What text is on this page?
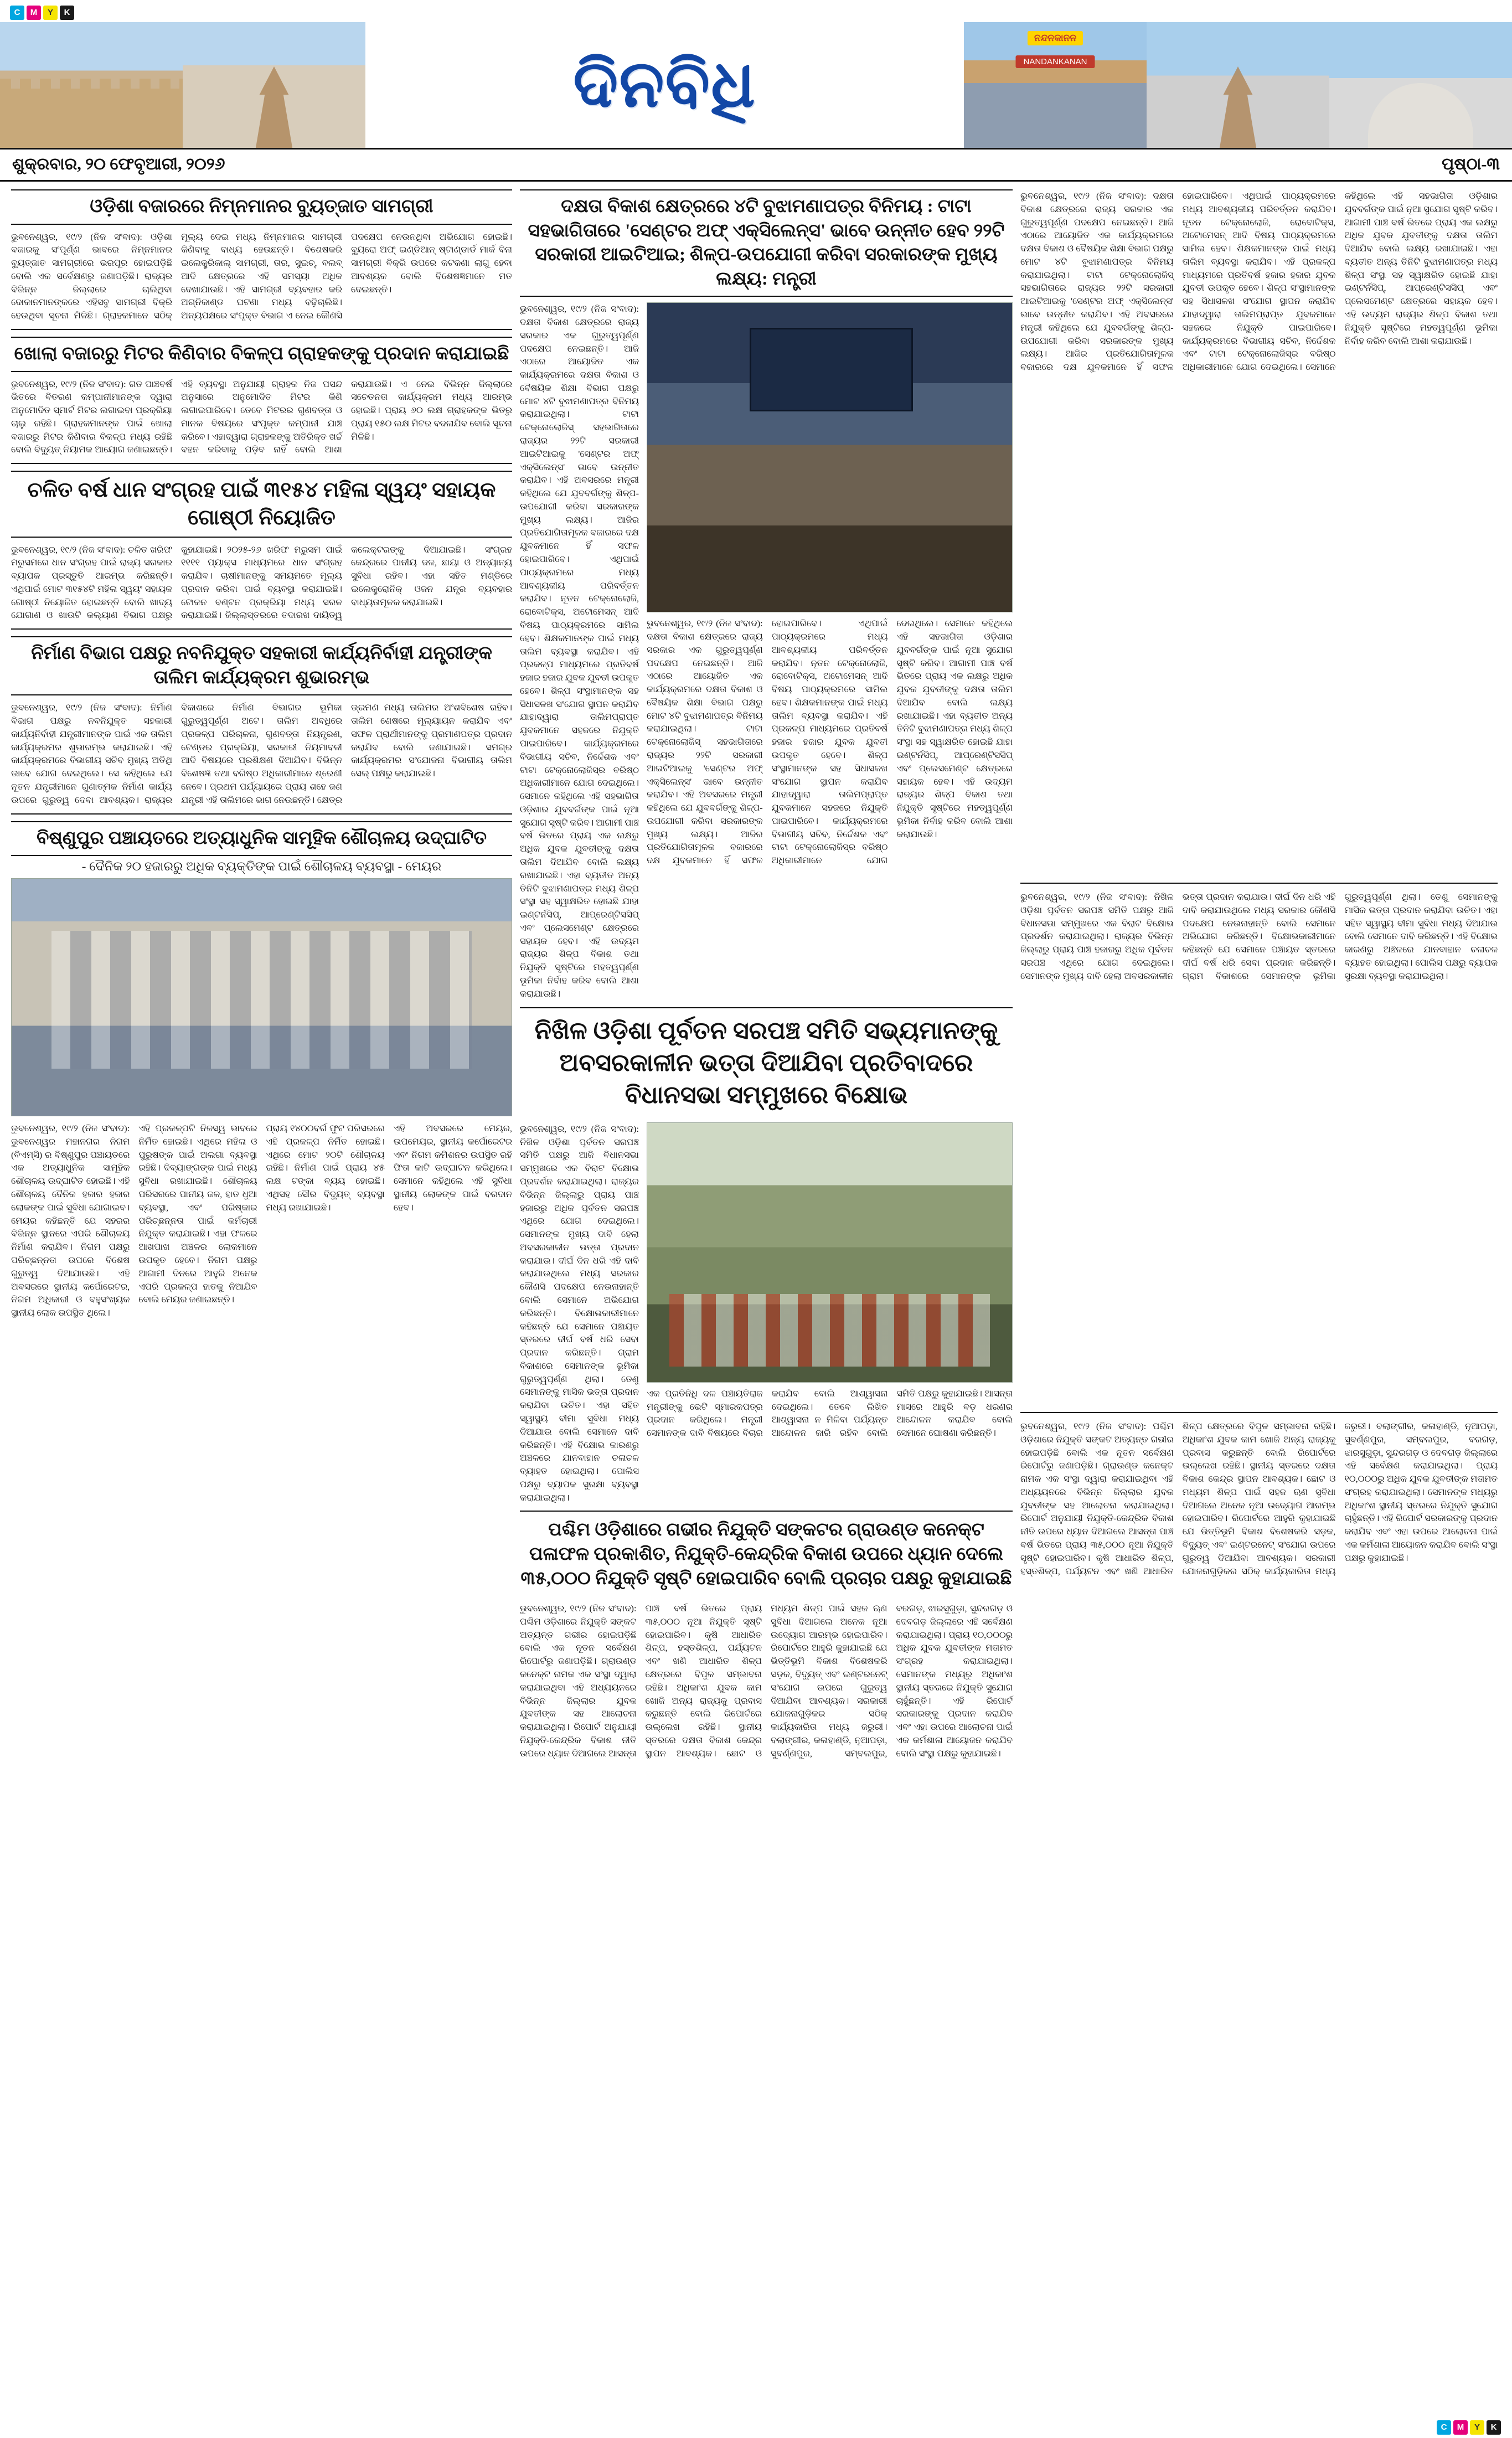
C	M	Y	K
ଦିନବିଧି
ନନ୍ଦନକାନନ
NANDANKANAN
ଶୁକ୍ରବାର, ୨୦ ଫେବୃଆରୀ, ୨୦୨୬	ପୃଷ୍ଠା-୩
ଓଡ଼ିଶା ବଜାରରେ ନିମ୍ନମାନର ବ୍ୟୁତ୍‌ଜାତ ସାମଗ୍ରୀ
ଭୁବନେଶ୍ୱର, ୧୯/୨ (ନିଜ ସଂବାଦ): ଓଡ଼ିଶା ବଜାରକୁ ସଂପୂର୍ଣ୍ଣ ଭାବରେ ନିମ୍ନମାନର ବ୍ୟୁତ୍‌ଜାତ ସାମଗ୍ରୀରେ ଭରପୂର ହୋଇପଡ଼ିଛି ବୋଲି ଏକ ସର୍ବେକ୍ଷଣରୁ ଜଣାପଡ଼ିଛି। ରାଜ୍ୟର ବିଭିନ୍ନ ଜିଲ୍ଲାରେ ଚାଲିଥିବା ଦୋକାନମାନଙ୍କରେ ଏହିସବୁ ସାମଗ୍ରୀ ବିକ୍ରି ହେଉଥିବା ସୂଚନା ମିଳିଛି। ଗ୍ରାହକମାନେ ସଠିକ୍ ମୂଲ୍ୟ ଦେଇ ମଧ୍ୟ ନିମ୍ନମାନର ସାମଗ୍ରୀ କିଣିବାକୁ ବାଧ୍ୟ ହେଉଛନ୍ତି। ବିଶେଷକରି ଇଲେକ୍ଟ୍ରିକାଲ୍ ସାମଗ୍ରୀ, ତାର, ସୁଇଚ୍, ବଲବ୍ ଆଦି କ୍ଷେତ୍ରରେ ଏହି ସମସ୍ୟା ଅଧିକ ଦେଖାଯାଉଛି। ଏହି ସାମଗ୍ରୀ ବ୍ୟବହାର କରି ଅଗ୍ନିକାଣ୍ଡ ଘଟଣା ମଧ୍ୟ ବଢ଼ିଚାଲିଛି। ଅନ୍ୟପକ୍ଷରେ ସଂପୃକ୍ତ ବିଭାଗ ଏ ନେଇ କୌଣସି ପଦକ୍ଷେପ ନେଉନଥିବା ଅଭିଯୋଗ ହୋଇଛି। ବ୍ୟୁରୋ ଅଫ୍ ଇଣ୍ଡିଆନ୍ ଷ୍ଟାଣ୍ଡାର୍ଡ ମାର୍କ ବିନା ସାମଗ୍ରୀ ବିକ୍ରି ଉପରେ କଟକଣା ଲାଗୁ ହେବା ଆବଶ୍ୟକ ବୋଲି ବିଶେଷଜ୍ଞମାନେ ମତ ଦେଇଛନ୍ତି।
ଖୋଲା ବଜାରରୁ ମିଟର କିଣିବାର ବିକଳ୍ପ ଗ୍ରାହକଙ୍କୁ ପ୍ରଦାନ କରାଯାଇଛି
ଭୁବନେଶ୍ୱର, ୧୯/୨ (ନିଜ ସଂବାଦ): ଗତ ପାଞ୍ଚବର୍ଷ ଭିତରେ ବିତରଣ କମ୍ପାନୀମାନଙ୍କ ଦ୍ୱାରା ଅନୁମୋଦିତ ସ୍ମାର୍ଟ ମିଟର ଲଗାଇବା ପ୍ରକ୍ରିୟା ଚାଲୁ ରହିଛି। ଗ୍ରାହକମାନଙ୍କ ପାଇଁ ଖୋଲା ବଜାରରୁ ମିଟର କିଣିବାର ବିକଳ୍ପ ମଧ୍ୟ ରହିଛି ବୋଲି ବିଦ୍ୟୁତ୍ ନିୟାମକ ଆୟୋଗ ଜଣାଇଛନ୍ତି। ଏହି ବ୍ୟବସ୍ଥା ଅନୁଯାୟୀ ଗ୍ରାହକ ନିଜ ପସନ୍ଦ ଅନୁସାରେ ଅନୁମୋଦିତ ମିଟର କିଣି ଲଗାଇପାରିବେ। ତେବେ ମିଟରର ଗୁଣବତ୍ତା ଓ ମାନକ ବିଷୟରେ ସଂପୃକ୍ତ କମ୍ପାନୀ ଯାଞ୍ଚ କରିବେ। ଏହାଦ୍ୱାରା ଗ୍ରାହକଙ୍କୁ ଅତିରିକ୍ତ ଖର୍ଚ୍ଚ ବହନ କରିବାକୁ ପଡ଼ିବ ନାହିଁ ବୋଲି ଆଶା କରାଯାଉଛି। ଏ ନେଇ ବିଭିନ୍ନ ଜିଲ୍ଲାରେ ସଚେତନତା କାର୍ଯ୍ୟକ୍ରମ ମଧ୍ୟ ଆରମ୍ଭ ହୋଇଛି। ପ୍ରାୟ ୬୦ ଲକ୍ଷ ଗ୍ରାହକଙ୍କ ଭିତରୁ ପ୍ରାୟ ୧୫୦ ଲକ୍ଷ ମିଟର ବଦଳାଯିବ ବୋଲି ସୂଚନା ମିଳିଛି।
ଚଳିତ ବର୍ଷ ଧାନ ସଂଗ୍ରହ ପାଇଁ ୩୧୫୪ ମହିଳା ସ୍ୱୟଂ ସହାୟକ ଗୋଷ୍ଠୀ ନିୟୋଜିତ
ଭୁବନେଶ୍ୱର, ୧୯/୨ (ନିଜ ସଂବାଦ): ଚଳିତ ଖରିଫ ମରୁସମରେ ଧାନ ସଂଗ୍ରହ ପାଇଁ ରାଜ୍ୟ ସରକାର ବ୍ୟାପକ ପ୍ରସ୍ତୁତି ଆରମ୍ଭ କରିଛନ୍ତି। ଏଥିପାଇଁ ମୋଟ ୩୧୫୪ଟି ମହିଳା ସ୍ୱୟଂ ସହାୟକ ଗୋଷ୍ଠୀ ନିୟୋଜିତ ହୋଇଛନ୍ତି ବୋଲି ଖାଦ୍ୟ ଯୋଗାଣ ଓ ଖାଉଟି କଲ୍ୟାଣ ବିଭାଗ ପକ୍ଷରୁ କୁହାଯାଇଛି। ୨୦୨୫-୨୬ ଖରିଫ ମରୁସମ ପାଇଁ ୧୧୧୧ ପ୍ୟାକ୍ସ ମାଧ୍ୟମରେ ଧାନ ସଂଗ୍ରହ କରାଯିବ। ଚାଷୀମାନଙ୍କୁ ସମୟମତେ ମୂଲ୍ୟ ପ୍ରଦାନ କରିବା ପାଇଁ ବ୍ୟବସ୍ଥା କରାଯାଇଛି। ଟୋକନ ବଣ୍ଟନ ପ୍ରକ୍ରିୟା ମଧ୍ୟ ସରଳ କରାଯାଇଛି। ଜିଲ୍ଲାସ୍ତରରେ ତଦାରଖ ଦାୟିତ୍ୱ କଲେକ୍ଟରଙ୍କୁ ଦିଆଯାଇଛି। ସଂଗ୍ରହ କେନ୍ଦ୍ରରେ ପାନୀୟ ଜଳ, ଛାୟା ଓ ଅନ୍ୟାନ୍ୟ ସୁବିଧା ରହିବ। ଏହା ସହିତ ମଣ୍ଡିରେ ଇଲେକ୍ଟ୍ରୋନିକ୍ ଓଜନ ଯନ୍ତ୍ର ବ୍ୟବହାର ବାଧ୍ୟତାମୂଳକ କରାଯାଇଛି।
ନିର୍ମାଣ ବିଭାଗ ପକ୍ଷରୁ ନବନିଯୁକ୍ତ ସହକାରୀ କାର୍ଯ୍ୟନିର୍ବାହୀ ଯନ୍ତ୍ରୀଙ୍କ ତାଲିମ କାର୍ଯ୍ୟକ୍ରମ ଶୁଭାରମ୍ଭ
ଭୁବନେଶ୍ୱର, ୧୯/୨ (ନିଜ ସଂବାଦ): ନିର୍ମାଣ ବିଭାଗ ପକ୍ଷରୁ ନବନିଯୁକ୍ତ ସହକାରୀ କାର୍ଯ୍ୟନିର୍ବାହୀ ଯନ୍ତ୍ରୀମାନଙ୍କ ପାଇଁ ଏକ ତାଲିମ କାର୍ଯ୍ୟକ୍ରମର ଶୁଭାରମ୍ଭ କରାଯାଇଛି। ଏହି କାର୍ଯ୍ୟକ୍ରମରେ ବିଭାଗୀୟ ସଚିବ ମୁଖ୍ୟ ଅତିଥି ଭାବେ ଯୋଗ ଦେଇଥିଲେ। ସେ କହିଥିଲେ ଯେ ନୂତନ ଯନ୍ତ୍ରୀମାନେ ଗୁଣାତ୍ମକ ନିର୍ମାଣ କାର୍ଯ୍ୟ ଉପରେ ଗୁରୁତ୍ୱ ଦେବା ଆବଶ୍ୟକ। ରାଜ୍ୟର ବିକାଶରେ ନିର୍ମାଣ ବିଭାଗର ଭୂମିକା ଗୁରୁତ୍ୱପୂର୍ଣ୍ଣ ଅଟେ। ତାଲିମ ଅବଧିରେ ପ୍ରକଳ୍ପ ପରିଚାଳନା, ଗୁଣବତ୍ତା ନିୟନ୍ତ୍ରଣ, ଟେଣ୍ଡର ପ୍ରକ୍ରିୟା, ସରକାରୀ ନିୟମାବଳୀ ଆଦି ବିଷୟରେ ପ୍ରଶିକ୍ଷଣ ଦିଆଯିବ। ବିଭିନ୍ନ ବିଶେଷଜ୍ଞ ତଥା ବରିଷ୍ଠ ଅଧିକାରୀମାନେ ଶ୍ରେଣୀ ନେବେ। ପ୍ରଥମ ପର୍ଯ୍ୟାୟରେ ପ୍ରାୟ ଶହେ ଜଣ ଯନ୍ତ୍ରୀ ଏହି ତାଲିମରେ ଭାଗ ନେଉଛନ୍ତି। କ୍ଷେତ୍ର ଭ୍ରମଣ ମଧ୍ୟ ତାଲିମର ଅଂଶବିଶେଷ ରହିବ। ତାଲିମ ଶେଷରେ ମୂଲ୍ୟାୟନ କରାଯିବ ଏବଂ ସଫଳ ପ୍ରାର୍ଥୀମାନଙ୍କୁ ପ୍ରମାଣପତ୍ର ପ୍ରଦାନ କରାଯିବ ବୋଲି ଜଣାଯାଇଛି। ସମଗ୍ର କାର୍ଯ୍ୟକ୍ରମର ସଂଯୋଜନା ବିଭାଗୀୟ ତାଲିମ ସେଲ୍ ପକ୍ଷରୁ କରାଯାଇଛି।
ବିଷ୍ଣୁପୁର ପଞ୍ଚାୟତରେ ଅତ୍ୟାଧୁନିକ ସାମୂହିକ ଶୌଚାଳୟ ଉଦ୍‌ଘାଟିତ
- ଦୈନିକ ୨୦ ହଜାରରୁ ଅଧିକ ବ୍ୟକ୍ତିଙ୍କ ପାଇଁ ଶୌଚାଳୟ ବ୍ୟବସ୍ଥା - ମେୟର
ଭୁବନେଶ୍ୱର, ୧୯/୨ (ନିଜ ସଂବାଦ): ଭୁବନେଶ୍ୱର ମହାନଗର ନିଗମ (ବିଏମ୍‌ସି) ର ବିଷ୍ଣୁପୁର ପଞ୍ଚାୟତରେ ଏକ ଅତ୍ୟାଧୁନିକ ସାମୂହିକ ଶୌଚାଳୟ ଉଦ୍‌ଘାଟିତ ହୋଇଛି। ଏହି ଶୌଚାଳୟ ଦୈନିକ ହଜାର ହଜାର ଲୋକଙ୍କ ପାଇଁ ସୁବିଧା ଯୋଗାଇବ। ମେୟର କହିଛନ୍ତି ଯେ ସହରର ବିଭିନ୍ନ ସ୍ଥାନରେ ଏପରି ଶୌଚାଳୟ ନିର୍ମାଣ କରାଯିବ। ନିଗମ ପକ୍ଷରୁ ପରିଚ୍ଛନ୍ନତା ଉପରେ ବିଶେଷ ଗୁରୁତ୍ୱ ଦିଆଯାଉଛି। ଏହି ଅବସରରେ ସ୍ଥାନୀୟ କର୍ପୋରେଟର, ନିଗମ ଅଧିକାରୀ ଓ ବହୁସଂଖ୍ୟକ ସ୍ଥାନୀୟ ଲୋକ ଉପସ୍ଥିତ ଥିଲେ।
ଏହି ପ୍ରକଳ୍ପଟି ନିଜସ୍ୱ ଭାବରେ ନିର୍ମିତ ହୋଇଛି। ଏଥିରେ ମହିଳା ଓ ପୁରୁଷଙ୍କ ପାଇଁ ଅଲଗା ବ୍ୟବସ୍ଥା ରହିଛି। ଦିବ୍ୟାଙ୍ଗଙ୍କ ପାଇଁ ମଧ୍ୟ ସୁବିଧା ରଖାଯାଇଛି। ଶୌଚାଳୟ ପରିସରରେ ପାନୀୟ ଜଳ, ହାତ ଧୁଆ ବ୍ୟବସ୍ଥା, ଏବଂ ପରିଷ୍କାର ପରିଚ୍ଛନ୍ନତା ପାଇଁ କର୍ମଚାରୀ ନିଯୁକ୍ତ କରାଯାଇଛି। ଏହା ଫଳରେ ଆଖପାଖ ଅଞ୍ଚଳର ଲୋକମାନେ ଉପକୃତ ହେବେ। ନିଗମ ପକ୍ଷରୁ ଆଗାମୀ ଦିନରେ ଆହୁରି ଅନେକ ଏପରି ପ୍ରକଳ୍ପ ହାତକୁ ନିଆଯିବ ବୋଲି ମେୟର ଜଣାଇଛନ୍ତି।
ପ୍ରାୟ ୧୪୦୦ବର୍ଗ ଫୁଟ ପରିସରରେ ଏହି ପ୍ରକଳ୍ପ ନିର୍ମିତ ହୋଇଛି। ଏଥିରେ ମୋଟ ୨୦ଟି ଶୌଚାଳୟ ରହିଛି। ନିର୍ମାଣ ପାଇଁ ପ୍ରାୟ ୪୫ ଲକ୍ଷ ଟଙ୍କା ବ୍ୟୟ ହୋଇଛି। ଏଥିସହ ସୌର ବିଦ୍ୟୁତ୍ ବ୍ୟବସ୍ଥା ମଧ୍ୟ ରଖାଯାଇଛି।
ଏହି ଅବସରରେ ମେୟର, ଉପମେୟର, ସ୍ଥାନୀୟ କର୍ପୋରେଟର ଏବଂ ନିଗମ କମିଶନର ଉପସ୍ଥିତ ରହି ଫିତା କାଟି ଉଦ୍‌ଘାଟନ କରିଥିଲେ। ସେମାନେ କହିଥିଲେ ଏହି ସୁବିଧା ସ୍ଥାନୀୟ ଲୋକଙ୍କ ପାଇଁ ବରଦାନ ହେବ।
ଦକ୍ଷତା ବିକାଶ କ୍ଷେତ୍ରରେ ୪ଟି ବୁଝାମଣାପତ୍ର ବିନିମୟ : ଟାଟା ସହଭାଗିତାରେ 'ସେଣ୍ଟର ଅଫ୍ ଏକ୍ସିଲେନ୍ସ' ଭାବେ ଉନ୍ନୀତ ହେବ ୨୨ଟି ସରକାରୀ ଆଇଟିଆଇ; ଶିଳ୍ପ-ଉପଯୋଗୀ କରିବା ସରକାରଙ୍କ ମୁଖ୍ୟ ଲକ୍ଷ୍ୟ: ମନ୍ତ୍ରୀ
ଭୁବନେଶ୍ୱର, ୧୯/୨ (ନିଜ ସଂବାଦ): ଦକ୍ଷତା ବିକାଶ କ୍ଷେତ୍ରରେ ରାଜ୍ୟ ସରକାର ଏକ ଗୁରୁତ୍ୱପୂର୍ଣ୍ଣ ପଦକ୍ଷେପ ନେଇଛନ୍ତି। ଆଜି ଏଠାରେ ଆୟୋଜିତ ଏକ କାର୍ଯ୍ୟକ୍ରମରେ ଦକ୍ଷତା ବିକାଶ ଓ ବୈଷୟିକ ଶିକ୍ଷା ବିଭାଗ ପକ୍ଷରୁ ମୋଟ ୪ଟି ବୁଝାମଣାପତ୍ର ବିନିମୟ କରାଯାଇଥିଲା। ଟାଟା ଟେକ୍ନୋଲୋଜିସ୍ ସହଭାଗିତାରେ ରାଜ୍ୟର ୨୨ଟି ସରକାରୀ ଆଇଟିଆଇକୁ 'ସେଣ୍ଟର ଅଫ୍ ଏକ୍ସିଲେନ୍ସ' ଭାବେ ଉନ୍ନୀତ କରାଯିବ। ଏହି ଅବସରରେ ମନ୍ତ୍ରୀ କହିଥିଲେ ଯେ ଯୁବବର୍ଗଙ୍କୁ ଶିଳ୍ପ-ଉପଯୋଗୀ କରିବା ସରକାରଙ୍କ ମୁଖ୍ୟ ଲକ୍ଷ୍ୟ। ଆଜିର ପ୍ରତିଯୋଗିତାମୂଳକ ବଜାରରେ ଦକ୍ଷ ଯୁବକମାନେ ହିଁ ସଫଳ ହୋଇପାରିବେ। ଏଥିପାଇଁ ପାଠ୍ୟକ୍ରମରେ ମଧ୍ୟ ଆବଶ୍ୟକୀୟ ପରିବର୍ତ୍ତନ କରାଯିବ। ନୂତନ ଟେକ୍ନୋଲୋଜି, ରୋବୋଟିକ୍ସ, ଅଟୋମେସନ୍ ଆଦି ବିଷୟ ପାଠ୍ୟକ୍ରମରେ ସାମିଲ ହେବ। ଶିକ୍ଷକମାନଙ୍କ ପାଇଁ ମଧ୍ୟ ତାଲିମ ବ୍ୟବସ୍ଥା କରାଯିବ। ଏହି ପ୍ରକଳ୍ପ ମାଧ୍ୟମରେ ପ୍ରତିବର୍ଷ ହଜାର ହଜାର ଯୁବକ ଯୁବତୀ ଉପକୃତ ହେବେ। ଶିଳ୍ପ ସଂସ୍ଥାମାନଙ୍କ ସହ ସିଧାସଳଖ ସଂଯୋଗ ସ୍ଥାପନ କରାଯିବ ଯାହାଦ୍ୱାରା ତାଲିମପ୍ରାପ୍ତ ଯୁବକମାନେ ସହଜରେ ନିଯୁକ୍ତି ପାଇପାରିବେ। କାର୍ଯ୍ୟକ୍ରମରେ ବିଭାଗୀୟ ସଚିବ, ନିର୍ଦ୍ଦେଶକ ଏବଂ ଟାଟା ଟେକ୍ନୋଲୋଜିସ୍‌ର ବରିଷ୍ଠ ଅଧିକାରୀମାନେ ଯୋଗ ଦେଇଥିଲେ। ସେମାନେ କହିଥିଲେ ଏହି ସହଭାଗିତା ଓଡ଼ିଶାର ଯୁବବର୍ଗଙ୍କ ପାଇଁ ନୂଆ ସୁଯୋଗ ସୃଷ୍ଟି କରିବ। ଆଗାମୀ ପାଞ୍ଚ ବର୍ଷ ଭିତରେ ପ୍ରାୟ ଏକ ଲକ୍ଷରୁ ଅଧିକ ଯୁବକ ଯୁବତୀଙ୍କୁ ଦକ୍ଷତା ତାଲିମ ଦିଆଯିବ ବୋଲି ଲକ୍ଷ୍ୟ ରଖାଯାଇଛି। ଏହା ବ୍ୟତୀତ ଅନ୍ୟ ତିନିଟି ବୁଝାମଣାପତ୍ର ମଧ୍ୟ ଶିଳ୍ପ ସଂସ୍ଥା ସହ ସ୍ୱାକ୍ଷରିତ ହୋଇଛି ଯାହା ଇଣ୍ଟର୍ନସିପ୍, ଆପ୍ରେଣ୍ଟିସସିପ୍ ଏବଂ ପ୍ଲେସମେଣ୍ଟ କ୍ଷେତ୍ରରେ ସହାୟକ ହେବ। ଏହି ଉଦ୍ୟମ ରାଜ୍ୟର ଶିଳ୍ପ ବିକାଶ ତଥା ନିଯୁକ୍ତି ସୃଷ୍ଟିରେ ମହତ୍ୱପୂର୍ଣ୍ଣ ଭୂମିକା ନିର୍ବାହ କରିବ ବୋଲି ଆଶା କରାଯାଉଛି।
ଭୁବନେଶ୍ୱର, ୧୯/୨ (ନିଜ ସଂବାଦ): ଦକ୍ଷତା ବିକାଶ କ୍ଷେତ୍ରରେ ରାଜ୍ୟ ସରକାର ଏକ ଗୁରୁତ୍ୱପୂର୍ଣ୍ଣ ପଦକ୍ଷେପ ନେଇଛନ୍ତି। ଆଜି ଏଠାରେ ଆୟୋଜିତ ଏକ କାର୍ଯ୍ୟକ୍ରମରେ ଦକ୍ଷତା ବିକାଶ ଓ ବୈଷୟିକ ଶିକ୍ଷା ବିଭାଗ ପକ୍ଷରୁ ମୋଟ ୪ଟି ବୁଝାମଣାପତ୍ର ବିନିମୟ କରାଯାଇଥିଲା। ଟାଟା ଟେକ୍ନୋଲୋଜିସ୍ ସହଭାଗିତାରେ ରାଜ୍ୟର ୨୨ଟି ସରକାରୀ ଆଇଟିଆଇକୁ 'ସେଣ୍ଟର ଅଫ୍ ଏକ୍ସିଲେନ୍ସ' ଭାବେ ଉନ୍ନୀତ କରାଯିବ। ଏହି ଅବସରରେ ମନ୍ତ୍ରୀ କହିଥିଲେ ଯେ ଯୁବବର୍ଗଙ୍କୁ ଶିଳ୍ପ-ଉପଯୋଗୀ କରିବା ସରକାରଙ୍କ ମୁଖ୍ୟ ଲକ୍ଷ୍ୟ। ଆଜିର ପ୍ରତିଯୋଗିତାମୂଳକ ବଜାରରେ ଦକ୍ଷ ଯୁବକମାନେ ହିଁ ସଫଳ ହୋଇପାରିବେ। ଏଥିପାଇଁ ପାଠ୍ୟକ୍ରମରେ ମଧ୍ୟ ଆବଶ୍ୟକୀୟ ପରିବର୍ତ୍ତନ କରାଯିବ। ନୂତନ ଟେକ୍ନୋଲୋଜି, ରୋବୋଟିକ୍ସ, ଅଟୋମେସନ୍ ଆଦି ବିଷୟ ପାଠ୍ୟକ୍ରମରେ ସାମିଲ ହେବ। ଶିକ୍ଷକମାନଙ୍କ ପାଇଁ ମଧ୍ୟ ତାଲିମ ବ୍ୟବସ୍ଥା କରାଯିବ। ଏହି ପ୍ରକଳ୍ପ ମାଧ୍ୟମରେ ପ୍ରତିବର୍ଷ ହଜାର ହଜାର ଯୁବକ ଯୁବତୀ ଉପକୃତ ହେବେ। ଶିଳ୍ପ ସଂସ୍ଥାମାନଙ୍କ ସହ ସିଧାସଳଖ ସଂଯୋଗ ସ୍ଥାପନ କରାଯିବ ଯାହାଦ୍ୱାରା ତାଲିମପ୍ରାପ୍ତ ଯୁବକମାନେ ସହଜରେ ନିଯୁକ୍ତି ପାଇପାରିବେ। କାର୍ଯ୍ୟକ୍ରମରେ ବିଭାଗୀୟ ସଚିବ, ନିର୍ଦ୍ଦେଶକ ଏବଂ ଟାଟା ଟେକ୍ନୋଲୋଜିସ୍‌ର ବରିଷ୍ଠ ଅଧିକାରୀମାନେ ଯୋଗ ଦେଇଥିଲେ। ସେମାନେ କହିଥିଲେ ଏହି ସହଭାଗିତା ଓଡ଼ିଶାର ଯୁବବର୍ଗଙ୍କ ପାଇଁ ନୂଆ ସୁଯୋଗ ସୃଷ୍ଟି କରିବ। ଆଗାମୀ ପାଞ୍ଚ ବର୍ଷ ଭିତରେ ପ୍ରାୟ ଏକ ଲକ୍ଷରୁ ଅଧିକ ଯୁବକ ଯୁବତୀଙ୍କୁ ଦକ୍ଷତା ତାଲିମ ଦିଆଯିବ ବୋଲି ଲକ୍ଷ୍ୟ ରଖାଯାଇଛି। ଏହା ବ୍ୟତୀତ ଅନ୍ୟ ତିନିଟି ବୁଝାମଣାପତ୍ର ମଧ୍ୟ ଶିଳ୍ପ ସଂସ୍ଥା ସହ ସ୍ୱାକ୍ଷରିତ ହୋଇଛି ଯାହା ଇଣ୍ଟର୍ନସିପ୍, ଆପ୍ରେଣ୍ଟିସସିପ୍ ଏବଂ ପ୍ଲେସମେଣ୍ଟ କ୍ଷେତ୍ରରେ ସହାୟକ ହେବ। ଏହି ଉଦ୍ୟମ ରାଜ୍ୟର ଶିଳ୍ପ ବିକାଶ ତଥା ନିଯୁକ୍ତି ସୃଷ୍ଟିରେ ମହତ୍ୱପୂର୍ଣ୍ଣ ଭୂମିକା ନିର୍ବାହ କରିବ ବୋଲି ଆଶା କରାଯାଉଛି।
ନିଖିଳ ଓଡ଼ିଶା ପୂର୍ବତନ ସରପଞ୍ଚ ସମିତି ସଭ୍ୟମାନଙ୍କୁ ଅବସରକାଳୀନ ଭତ୍ତା ଦିଆଯିବା ପ୍ରତିବାଦରେ ବିଧାନସଭା ସମ୍ମୁଖରେ ବିକ୍ଷୋଭ
ଭୁବନେଶ୍ୱର, ୧୯/୨ (ନିଜ ସଂବାଦ): ନିଖିଳ ଓଡ଼ିଶା ପୂର୍ବତନ ସରପଞ୍ଚ ସମିତି ପକ୍ଷରୁ ଆଜି ବିଧାନସଭା ସମ୍ମୁଖରେ ଏକ ବିରାଟ ବିକ୍ଷୋଭ ପ୍ରଦର୍ଶନ କରାଯାଇଥିଲା। ରାଜ୍ୟର ବିଭିନ୍ନ ଜିଲ୍ଲାରୁ ପ୍ରାୟ ପାଞ୍ଚ ହଜାରରୁ ଅଧିକ ପୂର୍ବତନ ସରପଞ୍ଚ ଏଥିରେ ଯୋଗ ଦେଇଥିଲେ। ସେମାନଙ୍କ ମୁଖ୍ୟ ଦାବି ହେଲା ଅବସରକାଳୀନ ଭତ୍ତା ପ୍ରଦାନ କରାଯାଉ। ଦୀର୍ଘ ଦିନ ଧରି ଏହି ଦାବି କରାଯାଉଥିଲେ ମଧ୍ୟ ସରକାର କୌଣସି ପଦକ୍ଷେପ ନେଉନାହାନ୍ତି ବୋଲି ସେମାନେ ଅଭିଯୋଗ କରିଛନ୍ତି। ବିକ୍ଷୋଭକାରୀମାନେ କହିଛନ୍ତି ଯେ ସେମାନେ ପଞ୍ଚାୟତ ସ୍ତରରେ ଦୀର୍ଘ ବର୍ଷ ଧରି ସେବା ପ୍ରଦାନ କରିଛନ୍ତି। ଗ୍ରାମ ବିକାଶରେ ସେମାନଙ୍କ ଭୂମିକା ଗୁରୁତ୍ୱପୂର୍ଣ୍ଣ ଥିଲା। ତେଣୁ ସେମାନଙ୍କୁ ମାସିକ ଭତ୍ତା ପ୍ରଦାନ କରାଯିବା ଉଚିତ। ଏହା ସହିତ ସ୍ୱାସ୍ଥ୍ୟ ବୀମା ସୁବିଧା ମଧ୍ୟ ଦିଆଯାଉ ବୋଲି ସେମାନେ ଦାବି କରିଛନ୍ତି। ଏହି ବିକ୍ଷୋଭ କାରଣରୁ ଅଞ୍ଚଳରେ ଯାନବାହାନ ଚଳାଚଳ ବ୍ୟାହତ ହୋଇଥିଲା। ପୋଲିସ ପକ୍ଷରୁ ବ୍ୟାପକ ସୁରକ୍ଷା ବ୍ୟବସ୍ଥା କରାଯାଇଥିଲା।
ଏକ ପ୍ରତିନିଧି ଦଳ ପଞ୍ଚାୟତିରାଜ ମନ୍ତ୍ରୀଙ୍କୁ ଭେଟି ସ୍ମାରକପତ୍ର ପ୍ରଦାନ କରିଥିଲେ। ମନ୍ତ୍ରୀ ସେମାନଙ୍କ ଦାବି ବିଷୟରେ ବିଚାର କରାଯିବ ବୋଲି ଆଶ୍ୱାସନା ଦେଇଥିଲେ। ତେବେ ଲିଖିତ ଆଶ୍ୱାସନା ନ ମିଳିବା ପର୍ଯ୍ୟନ୍ତ ଆନ୍ଦୋଳନ ଜାରି ରହିବ ବୋଲି ସମିତି ପକ୍ଷରୁ କୁହାଯାଇଛି। ଆସନ୍ତା ମାସରେ ଆହୁରି ବଡ଼ ଧରଣର ଆନ୍ଦୋଳନ କରାଯିବ ବୋଲି ସେମାନେ ଘୋଷଣା କରିଛନ୍ତି।
ପଶ୍ଚିମ ଓଡ଼ିଶାରେ ଗଭୀର ନିଯୁକ୍ତି ସଙ୍କଟର ଗ୍ରାଉଣ୍ଡ କନେକ୍ଟ ପଳାଫଳ ପ୍ରକାଶିତ, ନିଯୁକ୍ତି-କେନ୍ଦ୍ରିକ ବିକାଶ ଉପରେ ଧ୍ୟାନ ଦେଲେ ୩୫,୦୦୦ ନିଯୁକ୍ତି ସୃଷ୍ଟି ହୋଇପାରିବ ବୋଲି ପ୍ରଚାର ପକ୍ଷରୁ କୁହାଯାଇଛି
ଭୁବନେଶ୍ୱର, ୧୯/୨ (ନିଜ ସଂବାଦ): ପଶ୍ଚିମ ଓଡ଼ିଶାରେ ନିଯୁକ୍ତି ସଙ୍କଟ ଅତ୍ୟନ୍ତ ଗଭୀର ହୋଇପଡ଼ିଛି ବୋଲି ଏକ ନୂତନ ସର୍ବେକ୍ଷଣ ରିପୋର୍ଟରୁ ଜଣାପଡ଼ିଛି। ଗ୍ରାଉଣ୍ଡ କନେକ୍ଟ ନାମକ ଏକ ସଂସ୍ଥା ଦ୍ୱାରା କରାଯାଇଥିବା ଏହି ଅଧ୍ୟୟନରେ ବିଭିନ୍ନ ଜିଲ୍ଲାର ଯୁବକ ଯୁବତୀଙ୍କ ସହ ଆଲୋଚନା କରାଯାଇଥିଲା। ରିପୋର୍ଟ ଅନୁଯାୟୀ ନିଯୁକ୍ତି-କେନ୍ଦ୍ରିକ ବିକାଶ ନୀତି ଉପରେ ଧ୍ୟାନ ଦିଆଗଲେ ଆସନ୍ତା ପାଞ୍ଚ ବର୍ଷ ଭିତରେ ପ୍ରାୟ ୩୫,୦୦୦ ନୂଆ ନିଯୁକ୍ତି ସୃଷ୍ଟି ହୋଇପାରିବ। କୃଷି ଆଧାରିତ ଶିଳ୍ପ, ହସ୍ତଶିଳ୍ପ, ପର୍ଯ୍ୟଟନ ଏବଂ ଖଣି ଆଧାରିତ ଶିଳ୍ପ କ୍ଷେତ୍ରରେ ବିପୁଳ ସମ୍ଭାବନା ରହିଛି। ଅଧିକାଂଶ ଯୁବକ କାମ ଖୋଜି ଅନ୍ୟ ରାଜ୍ୟକୁ ପ୍ରବାସ କରୁଛନ୍ତି ବୋଲି ରିପୋର୍ଟରେ ଉଲ୍ଲେଖ ରହିଛି। ସ୍ଥାନୀୟ ସ୍ତରରେ ଦକ୍ଷତା ବିକାଶ କେନ୍ଦ୍ର ସ୍ଥାପନ ଆବଶ୍ୟକ। ଛୋଟ ଓ ମଧ୍ୟମ ଶିଳ୍ପ ପାଇଁ ସହଜ ଋଣ ସୁବିଧା ଦିଆଗଲେ ଅନେକ ନୂଆ ଉଦ୍ୟୋଗ ଆରମ୍ଭ ହୋଇପାରିବ। ରିପୋର୍ଟରେ ଆହୁରି କୁହାଯାଇଛି ଯେ ଭିତ୍ତିଭୂମି ବିକାଶ ବିଶେଷକରି ସଡ଼କ, ବିଦ୍ୟୁତ୍ ଏବଂ ଇଣ୍ଟରନେଟ୍ ସଂଯୋଗ ଉପରେ ଗୁରୁତ୍ୱ ଦିଆଯିବା ଆବଶ୍ୟକ। ସରକାରୀ ଯୋଜନାଗୁଡ଼ିକର ସଠିକ୍ କାର୍ଯ୍ୟକାରିତା ମଧ୍ୟ ଜରୁରୀ। ବଲାଙ୍ଗୀର, କଳାହାଣ୍ଡି, ନୂଆପଡ଼ା, ସୁବର୍ଣ୍ଣପୁର, ସମ୍ବଲପୁର, ବରଗଡ଼, ଝାରସୁଗୁଡ଼ା, ସୁନ୍ଦରଗଡ଼ ଓ ଦେବଗଡ଼ ଜିଲ୍ଲାରେ ଏହି ସର୍ବେକ୍ଷଣ କରାଯାଇଥିଲା। ପ୍ରାୟ ୧୦,୦୦୦ରୁ ଅଧିକ ଯୁବକ ଯୁବତୀଙ୍କ ମତାମତ ସଂଗ୍ରହ କରାଯାଇଥିଲା। ସେମାନଙ୍କ ମଧ୍ୟରୁ ଅଧିକାଂଶ ସ୍ଥାନୀୟ ସ୍ତରରେ ନିଯୁକ୍ତି ସୁଯୋଗ ଚାହୁଁଛନ୍ତି। ଏହି ରିପୋର୍ଟ ସରକାରଙ୍କୁ ପ୍ରଦାନ କରାଯିବ ଏବଂ ଏହା ଉପରେ ଆଲୋଚନା ପାଇଁ ଏକ କର୍ମଶାଳା ଆୟୋଜନ କରାଯିବ ବୋଲି ସଂସ୍ଥା ପକ୍ଷରୁ କୁହାଯାଇଛି।
ଭୁବନେଶ୍ୱର, ୧୯/୨ (ନିଜ ସଂବାଦ): ଦକ୍ଷତା ବିକାଶ କ୍ଷେତ୍ରରେ ରାଜ୍ୟ ସରକାର ଏକ ଗୁରୁତ୍ୱପୂର୍ଣ୍ଣ ପଦକ୍ଷେପ ନେଇଛନ୍ତି। ଆଜି ଏଠାରେ ଆୟୋଜିତ ଏକ କାର୍ଯ୍ୟକ୍ରମରେ ଦକ୍ଷତା ବିକାଶ ଓ ବୈଷୟିକ ଶିକ୍ଷା ବିଭାଗ ପକ୍ଷରୁ ମୋଟ ୪ଟି ବୁଝାମଣାପତ୍ର ବିନିମୟ କରାଯାଇଥିଲା। ଟାଟା ଟେକ୍ନୋଲୋଜିସ୍ ସହଭାଗିତାରେ ରାଜ୍ୟର ୨୨ଟି ସରକାରୀ ଆଇଟିଆଇକୁ 'ସେଣ୍ଟର ଅଫ୍ ଏକ୍ସିଲେନ୍ସ' ଭାବେ ଉନ୍ନୀତ କରାଯିବ। ଏହି ଅବସରରେ ମନ୍ତ୍ରୀ କହିଥିଲେ ଯେ ଯୁବବର୍ଗଙ୍କୁ ଶିଳ୍ପ-ଉପଯୋଗୀ କରିବା ସରକାରଙ୍କ ମୁଖ୍ୟ ଲକ୍ଷ୍ୟ। ଆଜିର ପ୍ରତିଯୋଗିତାମୂଳକ ବଜାରରେ ଦକ୍ଷ ଯୁବକମାନେ ହିଁ ସଫଳ ହୋଇପାରିବେ। ଏଥିପାଇଁ ପାଠ୍ୟକ୍ରମରେ ମଧ୍ୟ ଆବଶ୍ୟକୀୟ ପରିବର୍ତ୍ତନ କରାଯିବ। ନୂତନ ଟେକ୍ନୋଲୋଜି, ରୋବୋଟିକ୍ସ, ଅଟୋମେସନ୍ ଆଦି ବିଷୟ ପାଠ୍ୟକ୍ରମରେ ସାମିଲ ହେବ। ଶିକ୍ଷକମାନଙ୍କ ପାଇଁ ମଧ୍ୟ ତାଲିମ ବ୍ୟବସ୍ଥା କରାଯିବ। ଏହି ପ୍ରକଳ୍ପ ମାଧ୍ୟମରେ ପ୍ରତିବର୍ଷ ହଜାର ହଜାର ଯୁବକ ଯୁବତୀ ଉପକୃତ ହେବେ। ଶିଳ୍ପ ସଂସ୍ଥାମାନଙ୍କ ସହ ସିଧାସଳଖ ସଂଯୋଗ ସ୍ଥାପନ କରାଯିବ ଯାହାଦ୍ୱାରା ତାଲିମପ୍ରାପ୍ତ ଯୁବକମାନେ ସହଜରେ ନିଯୁକ୍ତି ପାଇପାରିବେ। କାର୍ଯ୍ୟକ୍ରମରେ ବିଭାଗୀୟ ସଚିବ, ନିର୍ଦ୍ଦେଶକ ଏବଂ ଟାଟା ଟେକ୍ନୋଲୋଜିସ୍‌ର ବରିଷ୍ଠ ଅଧିକାରୀମାନେ ଯୋଗ ଦେଇଥିଲେ। ସେମାନେ କହିଥିଲେ ଏହି ସହଭାଗିତା ଓଡ଼ିଶାର ଯୁବବର୍ଗଙ୍କ ପାଇଁ ନୂଆ ସୁଯୋଗ ସୃଷ୍ଟି କରିବ। ଆଗାମୀ ପାଞ୍ଚ ବର୍ଷ ଭିତରେ ପ୍ରାୟ ଏକ ଲକ୍ଷରୁ ଅଧିକ ଯୁବକ ଯୁବତୀଙ୍କୁ ଦକ୍ଷତା ତାଲିମ ଦିଆଯିବ ବୋଲି ଲକ୍ଷ୍ୟ ରଖାଯାଇଛି। ଏହା ବ୍ୟତୀତ ଅନ୍ୟ ତିନିଟି ବୁଝାମଣାପତ୍ର ମଧ୍ୟ ଶିଳ୍ପ ସଂସ୍ଥା ସହ ସ୍ୱାକ୍ଷରିତ ହୋଇଛି ଯାହା ଇଣ୍ଟର୍ନସିପ୍, ଆପ୍ରେଣ୍ଟିସସିପ୍ ଏବଂ ପ୍ଲେସମେଣ୍ଟ କ୍ଷେତ୍ରରେ ସହାୟକ ହେବ। ଏହି ଉଦ୍ୟମ ରାଜ୍ୟର ଶିଳ୍ପ ବିକାଶ ତଥା ନିଯୁକ୍ତି ସୃଷ୍ଟିରେ ମହତ୍ୱପୂର୍ଣ୍ଣ ଭୂମିକା ନିର୍ବାହ କରିବ ବୋଲି ଆଶା କରାଯାଉଛି।
ଭୁବନେଶ୍ୱର, ୧୯/୨ (ନିଜ ସଂବାଦ): ନିଖିଳ ଓଡ଼ିଶା ପୂର୍ବତନ ସରପଞ୍ଚ ସମିତି ପକ୍ଷରୁ ଆଜି ବିଧାନସଭା ସମ୍ମୁଖରେ ଏକ ବିରାଟ ବିକ୍ଷୋଭ ପ୍ରଦର୍ଶନ କରାଯାଇଥିଲା। ରାଜ୍ୟର ବିଭିନ୍ନ ଜିଲ୍ଲାରୁ ପ୍ରାୟ ପାଞ୍ଚ ହଜାରରୁ ଅଧିକ ପୂର୍ବତନ ସରପଞ୍ଚ ଏଥିରେ ଯୋଗ ଦେଇଥିଲେ। ସେମାନଙ୍କ ମୁଖ୍ୟ ଦାବି ହେଲା ଅବସରକାଳୀନ ଭତ୍ତା ପ୍ରଦାନ କରାଯାଉ। ଦୀର୍ଘ ଦିନ ଧରି ଏହି ଦାବି କରାଯାଉଥିଲେ ମଧ୍ୟ ସରକାର କୌଣସି ପଦକ୍ଷେପ ନେଉନାହାନ୍ତି ବୋଲି ସେମାନେ ଅଭିଯୋଗ କରିଛନ୍ତି। ବିକ୍ଷୋଭକାରୀମାନେ କହିଛନ୍ତି ଯେ ସେମାନେ ପଞ୍ଚାୟତ ସ୍ତରରେ ଦୀର୍ଘ ବର୍ଷ ଧରି ସେବା ପ୍ରଦାନ କରିଛନ୍ତି। ଗ୍ରାମ ବିକାଶରେ ସେମାନଙ୍କ ଭୂମିକା ଗୁରୁତ୍ୱପୂର୍ଣ୍ଣ ଥିଲା। ତେଣୁ ସେମାନଙ୍କୁ ମାସିକ ଭତ୍ତା ପ୍ରଦାନ କରାଯିବା ଉଚିତ। ଏହା ସହିତ ସ୍ୱାସ୍ଥ୍ୟ ବୀମା ସୁବିଧା ମଧ୍ୟ ଦିଆଯାଉ ବୋଲି ସେମାନେ ଦାବି କରିଛନ୍ତି। ଏହି ବିକ୍ଷୋଭ କାରଣରୁ ଅଞ୍ଚଳରେ ଯାନବାହାନ ଚଳାଚଳ ବ୍ୟାହତ ହୋଇଥିଲା। ପୋଲିସ ପକ୍ଷରୁ ବ୍ୟାପକ ସୁରକ୍ଷା ବ୍ୟବସ୍ଥା କରାଯାଇଥିଲା।
ଭୁବନେଶ୍ୱର, ୧୯/୨ (ନିଜ ସଂବାଦ): ପଶ୍ଚିମ ଓଡ଼ିଶାରେ ନିଯୁକ୍ତି ସଙ୍କଟ ଅତ୍ୟନ୍ତ ଗଭୀର ହୋଇପଡ଼ିଛି ବୋଲି ଏକ ନୂତନ ସର୍ବେକ୍ଷଣ ରିପୋର୍ଟରୁ ଜଣାପଡ଼ିଛି। ଗ୍ରାଉଣ୍ଡ କନେକ୍ଟ ନାମକ ଏକ ସଂସ୍ଥା ଦ୍ୱାରା କରାଯାଇଥିବା ଏହି ଅଧ୍ୟୟନରେ ବିଭିନ୍ନ ଜିଲ୍ଲାର ଯୁବକ ଯୁବତୀଙ୍କ ସହ ଆଲୋଚନା କରାଯାଇଥିଲା। ରିପୋର୍ଟ ଅନୁଯାୟୀ ନିଯୁକ୍ତି-କେନ୍ଦ୍ରିକ ବିକାଶ ନୀତି ଉପରେ ଧ୍ୟାନ ଦିଆଗଲେ ଆସନ୍ତା ପାଞ୍ଚ ବର୍ଷ ଭିତରେ ପ୍ରାୟ ୩୫,୦୦୦ ନୂଆ ନିଯୁକ୍ତି ସୃଷ୍ଟି ହୋଇପାରିବ। କୃଷି ଆଧାରିତ ଶିଳ୍ପ, ହସ୍ତଶିଳ୍ପ, ପର୍ଯ୍ୟଟନ ଏବଂ ଖଣି ଆଧାରିତ ଶିଳ୍ପ କ୍ଷେତ୍ରରେ ବିପୁଳ ସମ୍ଭାବନା ରହିଛି। ଅଧିକାଂଶ ଯୁବକ କାମ ଖୋଜି ଅନ୍ୟ ରାଜ୍ୟକୁ ପ୍ରବାସ କରୁଛନ୍ତି ବୋଲି ରିପୋର୍ଟରେ ଉଲ୍ଲେଖ ରହିଛି। ସ୍ଥାନୀୟ ସ୍ତରରେ ଦକ୍ଷତା ବିକାଶ କେନ୍ଦ୍ର ସ୍ଥାପନ ଆବଶ୍ୟକ। ଛୋଟ ଓ ମଧ୍ୟମ ଶିଳ୍ପ ପାଇଁ ସହଜ ଋଣ ସୁବିଧା ଦିଆଗଲେ ଅନେକ ନୂଆ ଉଦ୍ୟୋଗ ଆରମ୍ଭ ହୋଇପାରିବ। ରିପୋର୍ଟରେ ଆହୁରି କୁହାଯାଇଛି ଯେ ଭିତ୍ତିଭୂମି ବିକାଶ ବିଶେଷକରି ସଡ଼କ, ବିଦ୍ୟୁତ୍ ଏବଂ ଇଣ୍ଟରନେଟ୍ ସଂଯୋଗ ଉପରେ ଗୁରୁତ୍ୱ ଦିଆଯିବା ଆବଶ୍ୟକ। ସରକାରୀ ଯୋଜନାଗୁଡ଼ିକର ସଠିକ୍ କାର୍ଯ୍ୟକାରିତା ମଧ୍ୟ ଜରୁରୀ। ବଲାଙ୍ଗୀର, କଳାହାଣ୍ଡି, ନୂଆପଡ଼ା, ସୁବର୍ଣ୍ଣପୁର, ସମ୍ବଲପୁର, ବରଗଡ଼, ଝାରସୁଗୁଡ଼ା, ସୁନ୍ଦରଗଡ଼ ଓ ଦେବଗଡ଼ ଜିଲ୍ଲାରେ ଏହି ସର୍ବେକ୍ଷଣ କରାଯାଇଥିଲା। ପ୍ରାୟ ୧୦,୦୦୦ରୁ ଅଧିକ ଯୁବକ ଯୁବତୀଙ୍କ ମତାମତ ସଂଗ୍ରହ କରାଯାଇଥିଲା। ସେମାନଙ୍କ ମଧ୍ୟରୁ ଅଧିକାଂଶ ସ୍ଥାନୀୟ ସ୍ତରରେ ନିଯୁକ୍ତି ସୁଯୋଗ ଚାହୁଁଛନ୍ତି। ଏହି ରିପୋର୍ଟ ସରକାରଙ୍କୁ ପ୍ରଦାନ କରାଯିବ ଏବଂ ଏହା ଉପରେ ଆଲୋଚନା ପାଇଁ ଏକ କର୍ମଶାଳା ଆୟୋଜନ କରାଯିବ ବୋଲି ସଂସ୍ଥା ପକ୍ଷରୁ କୁହାଯାଇଛି।
C	M	Y	K
